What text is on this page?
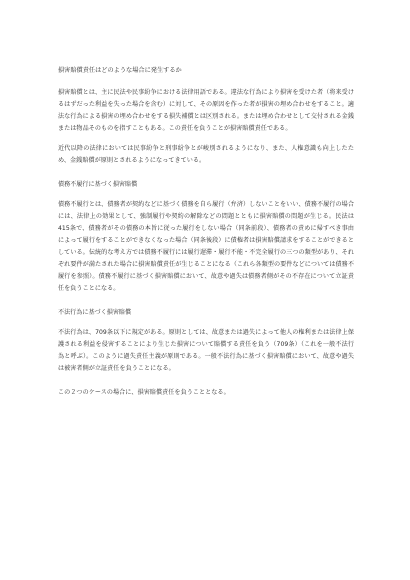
損害賠償責任はどのような場合に発生するか

損害賠償とは、主に民法や民事紛争における法律用語である。違法な行為により損害を受けた者（将来受けるはずだった利益を失った場合を含む）に対して、その原因を作った者が損害の埋め合わせをすること。適法な行為による損害の埋め合わせをする損失補償とは区別される。または埋め合わせとして交付される金銭または物品そのものを指すこともある。この責任を負うことが損害賠償責任である。

近代以降の法律においては民事紛争と刑事紛争とが峻別されるようになり、また、人権意識も向上したため、金銭賠償が原則とされるようになってきている。

債務不履行に基づく損害賠償

債務不履行とは、債務者が契約などに基づく債務を自ら履行（弁済）しないことをいい、債務不履行の場合には、法律上の効果として、強制履行や契約の解除などの問題とともに損害賠償の問題が生じる。民法は415条で、債務者がその債務の本旨に従った履行をしない場合（同条前段）、債務者の責めに帰すべき事由によって履行をすることができなくなった場合（同条後段）に債権者は損害賠償請求をすることができるとしている。伝統的な考え方では債務不履行には履行遅滞・履行不能・不完全履行の三つの類型があり、それぞれ要件が満たされた場合に損害賠償責任が生じることになる（これら各類型の要件などについては債務不履行を参照）。債務不履行に基づく損害賠償において、故意や過失は債務者側がその不存在について立証責任を負うことになる。

不法行為に基づく損害賠償

不法行為は、709条以下に規定がある。原則としては、故意または過失によって他人の権利または法律上保護される利益を侵害することにより生じた損害について賠償する責任を負う（709条）（これを一般不法行為と呼ぶ）。このように過失責任主義が原則である。一般不法行為に基づく損害賠償において、故意や過失は被害者側が立証責任を負うことになる。

この２つのケースの場合に、損害賠償責任を負うこととなる。
